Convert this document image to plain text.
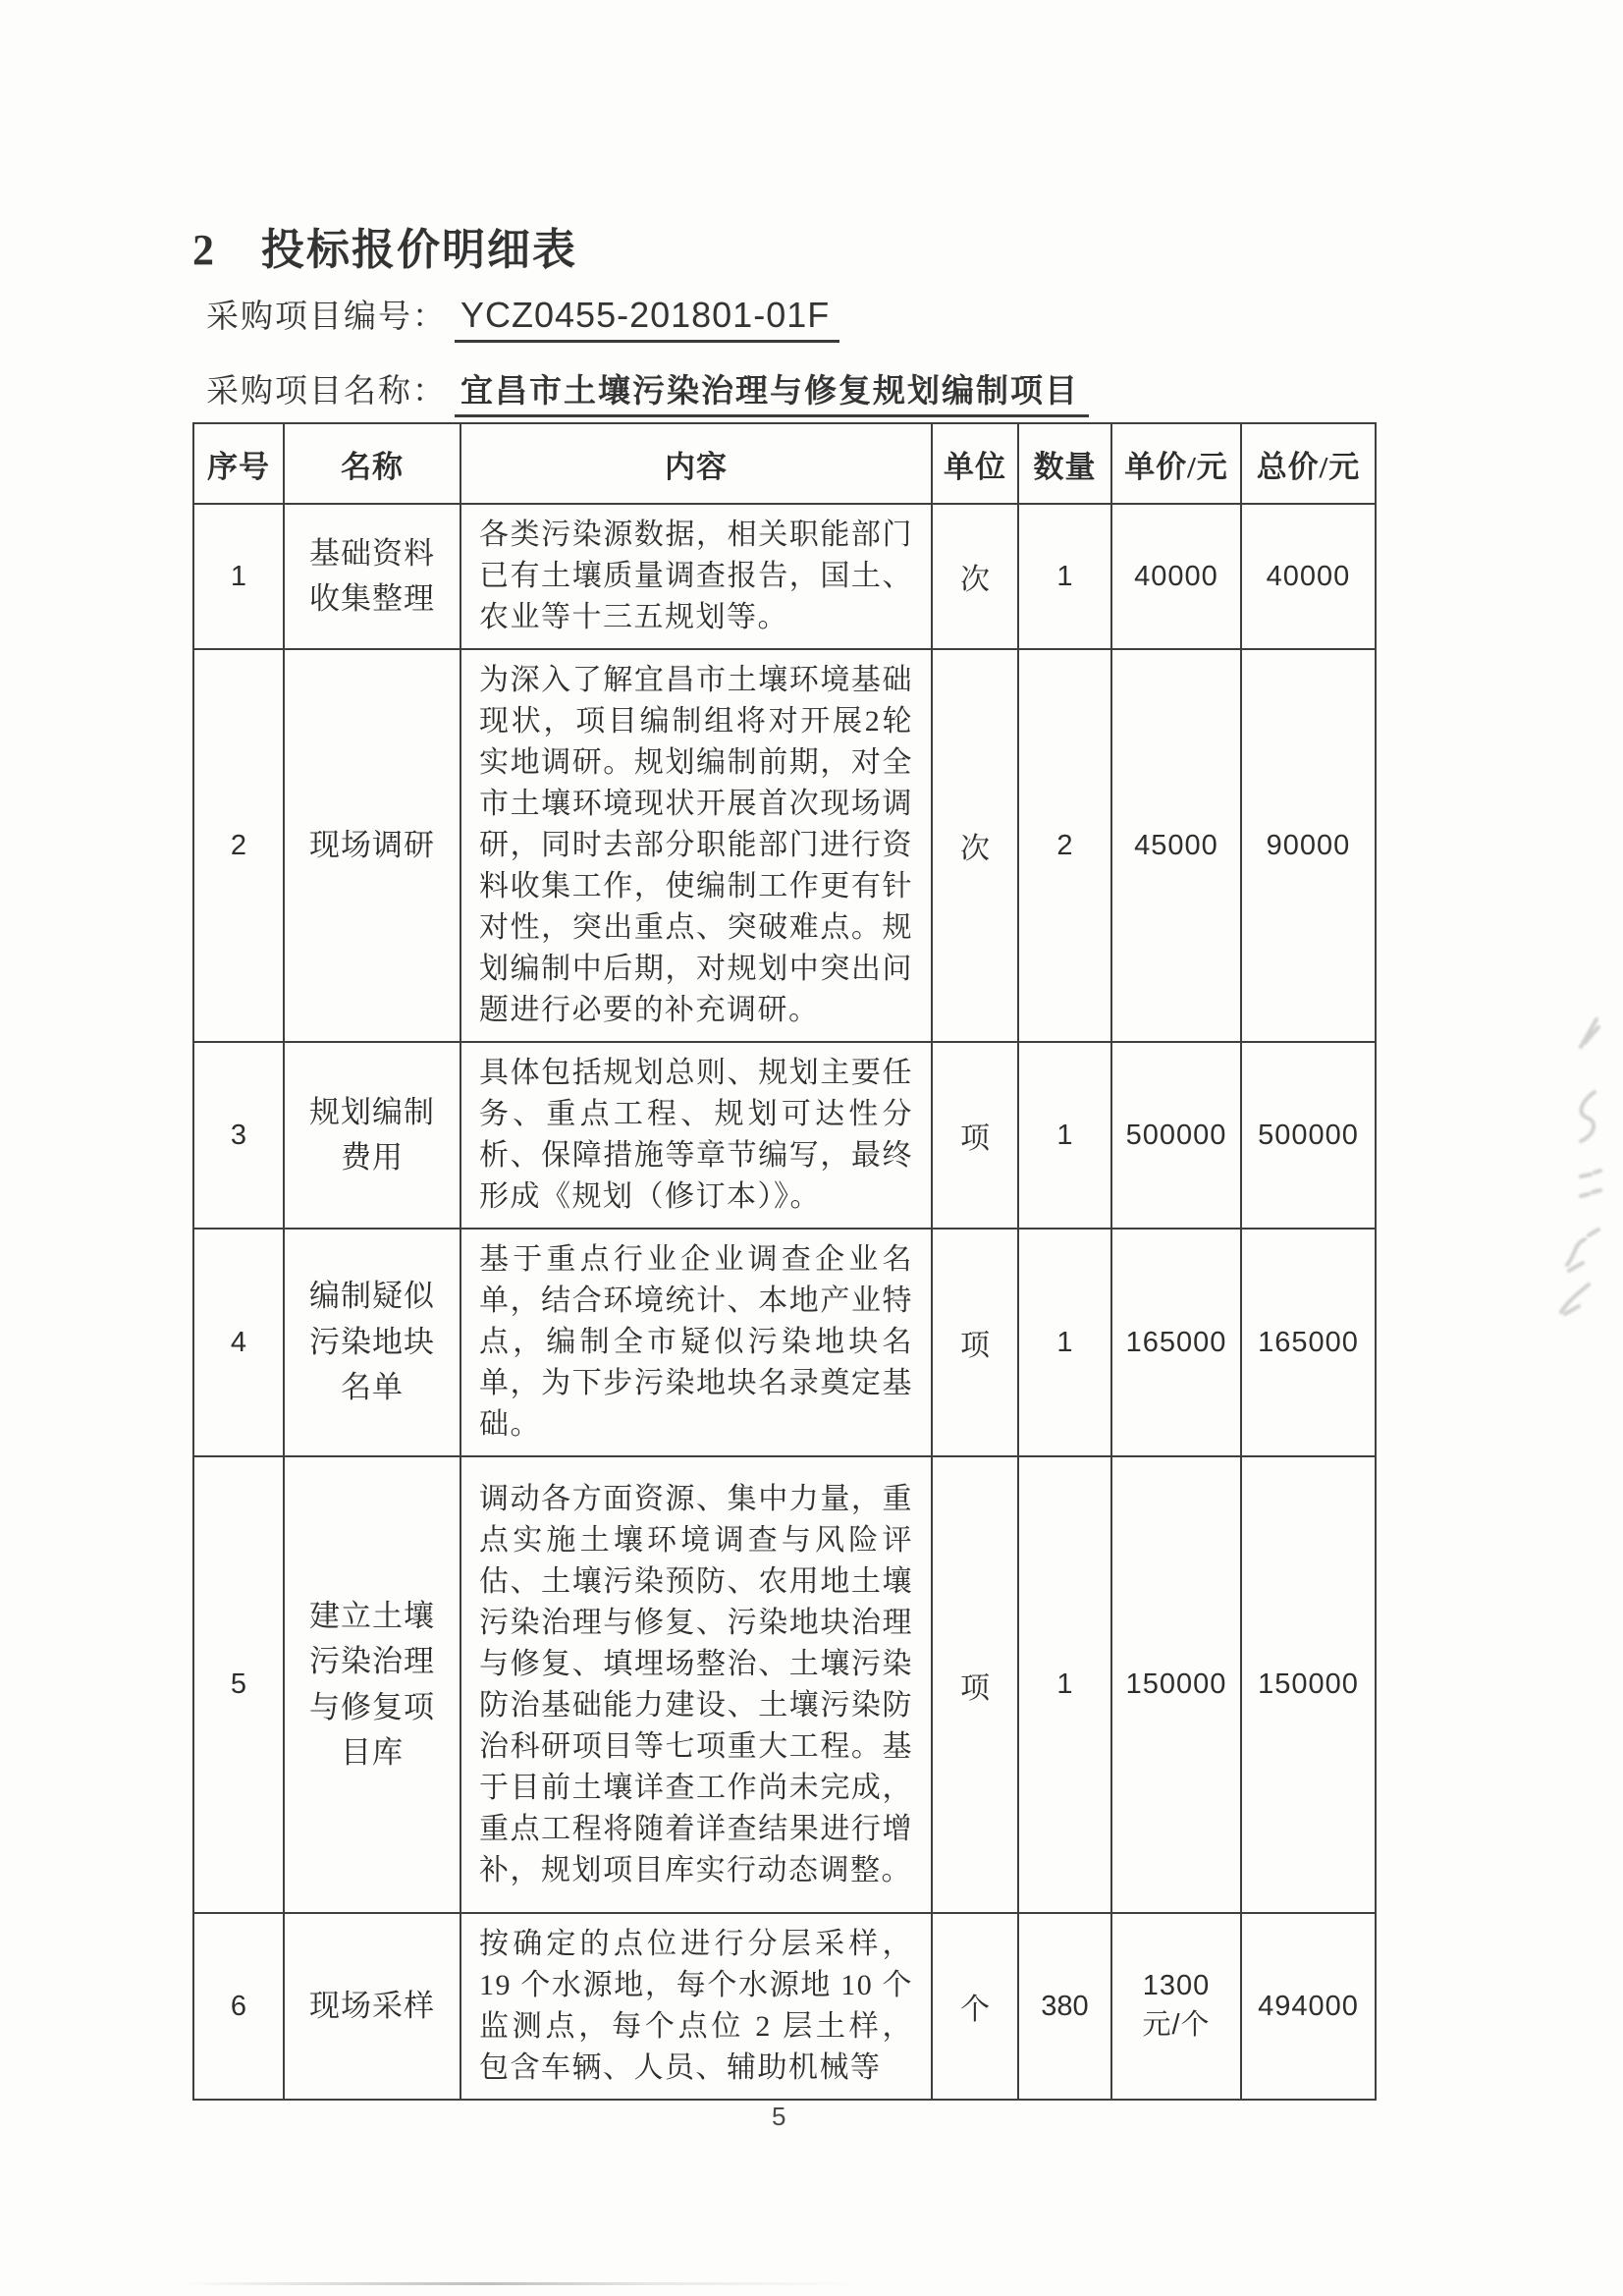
2 投标报价明细表
采购项目编号： YCZ0455-201801-01F
采购项目名称： 宜昌市土壤污染治理与修复规划编制项目
序号	名称	内容	单位	数量	单价/元	总价/元
1	基础资料收集整理	各类污染源数据，相关职能部门已有土壤质量调查报告，国土、农业等十三五规划等。	次	1	40000	40000
2	现场调研	为深入了解宜昌市土壤环境基础现状，项目编制组将对开展2轮实地调研。规划编制前期，对全市土壤环境现状开展首次现场调研，同时去部分职能部门进行资料收集工作，使编制工作更有针对性，突出重点、突破难点。规划编制中后期，对规划中突出问题进行必要的补充调研。	次	2	45000	90000
3	规划编制费用	具体包括规划总则、规划主要任务、重点工程、规划可达性分析、保障措施等章节编写，最终形成《规划（修订本）》。	项	1	500000	500000
4	编制疑似污染地块名单	基于重点行业企业调查企业名单，结合环境统计、本地产业特点，编制全市疑似污染地块名单，为下步污染地块名录奠定基础。	项	1	165000	165000
5	建立土壤污染治理与修复项目库	调动各方面资源、集中力量，重点实施土壤环境调查与风险评估、土壤污染预防、农用地土壤污染治理与修复、污染地块治理与修复、填埋场整治、土壤污染防治基础能力建设、土壤污染防治科研项目等七项重大工程。基于目前土壤详查工作尚未完成，重点工程将随着详查结果进行增补，规划项目库实行动态调整。	项	1	150000	150000
6	现场采样	按确定的点位进行分层采样，19 个水源地，每个水源地 10 个监测点，每个点位 2 层土样，包含车辆、人员、辅助机械等	个	380	1300 元/个	494000
5
